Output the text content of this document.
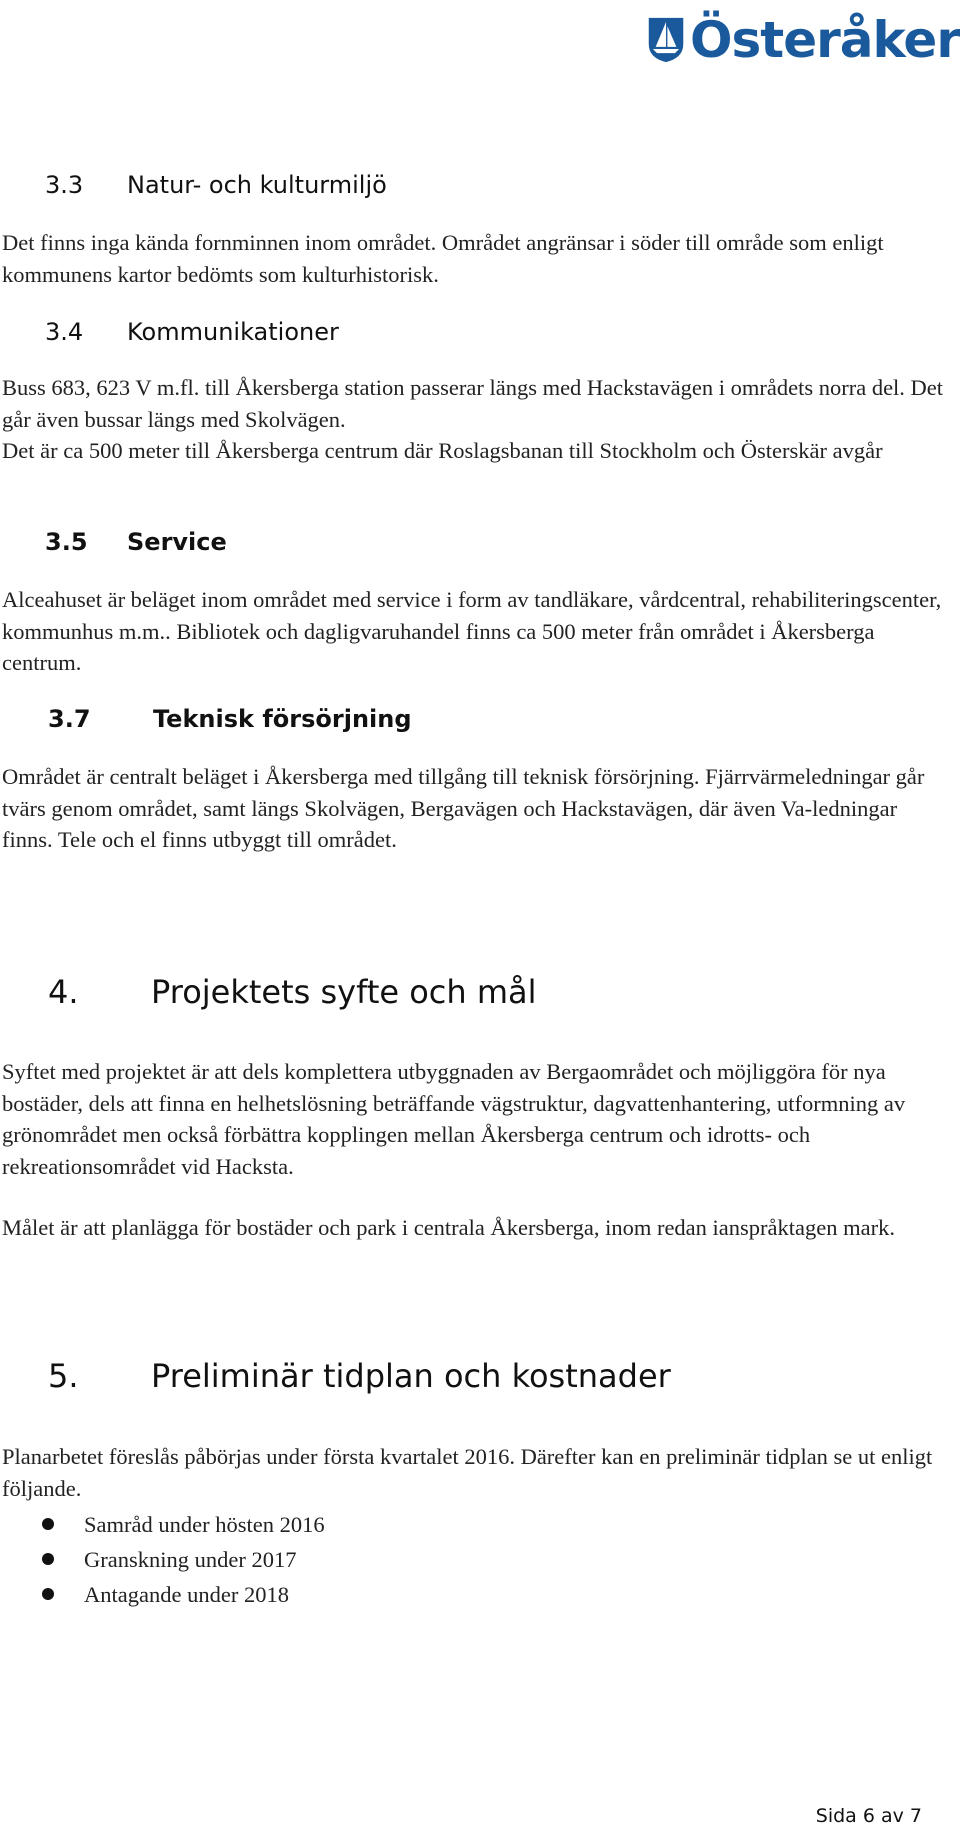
Österåker
3.3 Natur- och kulturmiljö

Det finns inga kända fornminnen inom området. Området angränsar i söder till område som enligt kommunens kartor bedömts som kulturhistorisk.

3.4 Kommunikationer

Buss 683, 623 V m.fl. till Åkersberga station passerar längs med Hackstavägen i områdets norra del. Det går även bussar längs med Skolvägen.

Det är ca 500 meter till Åkersberga centrum där Roslagsbanan till Stockholm och Österskär avgår

3.5 Service

Alceahuset är beläget inom området med service i form av tandläkare, vårdcentral, rehabiliteringscenter, kommunhus m.m.. Bibliotek och dagligvaruhandel finns ca 500 meter från området i Åkersberga centrum.

3.7	Teknisk försörjning

Området är centralt beläget i Åkersberga med tillgång till teknisk försörjning. Fjärrvärmeledningar går tvärs genom området, samt längs Skolvägen, Bergavägen och Hackstavägen, där även Va-ledningar finns. Tele och el finns utbyggt till området.

4. Projektets syfte och mål

Syftet med projektet är att dels komplettera utbyggnaden av Bergaområdet och möjliggöra för nya bostäder, dels att finna en helhetslösning beträffande vägstruktur, dagvattenhantering, utformning av grönområdet men också förbättra kopplingen mellan Åkersberga centrum och idrotts- och rekreationsområdet vid Hacksta.

Målet är att planlägga för bostäder och park i centrala Åkersberga, inom redan ianspråktagen mark.

5. Preliminär tidplan och kostnader

Planarbetet föreslås påbörjas under första kvartalet 2016. Därefter kan en preliminär tidplan se ut enligt följande.

Samråd under hösten 2016
Granskning under 2017
Antagande under 2018
Sida 6 av 7
